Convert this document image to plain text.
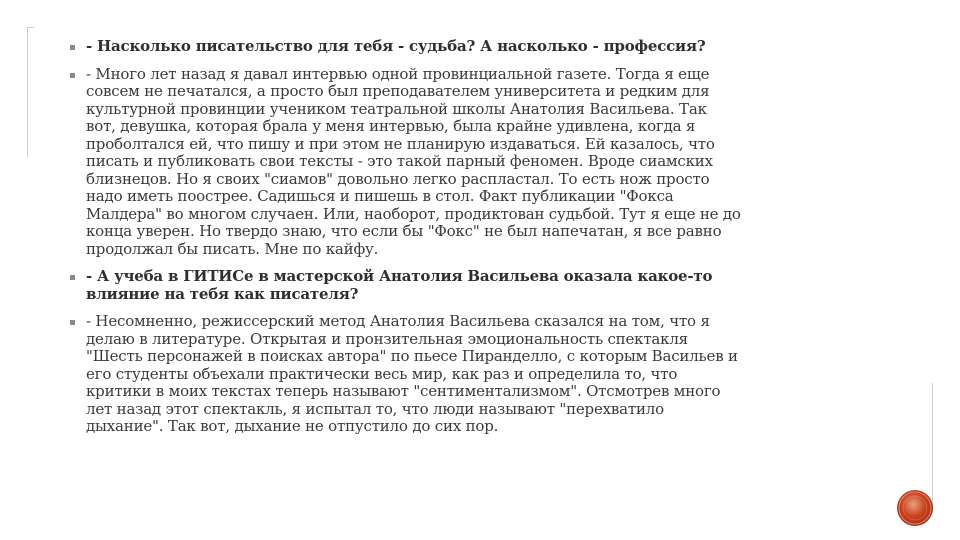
- Насколько писательство для тебя - судьба? А насколько - профессия?
- Много лет назад я давал интервью одной провинциальной газете. Тогда я еще
совсем не печатался, а просто был преподавателем университета и редким для
культурной провинции учеником театральной школы Анатолия Васильева. Так
вот, девушка, которая брала у меня интервью, была крайне удивлена, когда я
проболтался ей, что пишу и при этом не планирую издаваться. Ей казалось, что
писать и публиковать свои тексты - это такой парный феномен. Вроде сиамских
близнецов. Но я своих "сиамов" довольно легко распластал. То есть нож просто
надо иметь поострее. Садишься и пишешь в стол. Факт публикации "Фокса
Малдера" во многом случаен. Или, наоборот, продиктован судьбой. Тут я еще не до
конца уверен. Но твердо знаю, что если бы "Фокс" не был напечатан, я все равно
продолжал бы писать. Мне по кайфу.
- А учеба в ГИТИСе в мастерской Анатолия Васильева оказала какое-то
влияние на тебя как писателя?
- Несомненно, режиссерский метод Анатолия Васильева сказался на том, что я
делаю в литературе. Открытая и пронзительная эмоциональность спектакля
"Шесть персонажей в поисках автора" по пьесе Пиранделло, с которым Васильев и
его студенты объехали практически весь мир, как раз и определила то, что
критики в моих текстах теперь называют "сентиментализмом". Отсмотрев много
лет назад этот спектакль, я испытал то, что люди называют "перехватило
дыхание". Так вот, дыхание не отпустило до сих пор.
